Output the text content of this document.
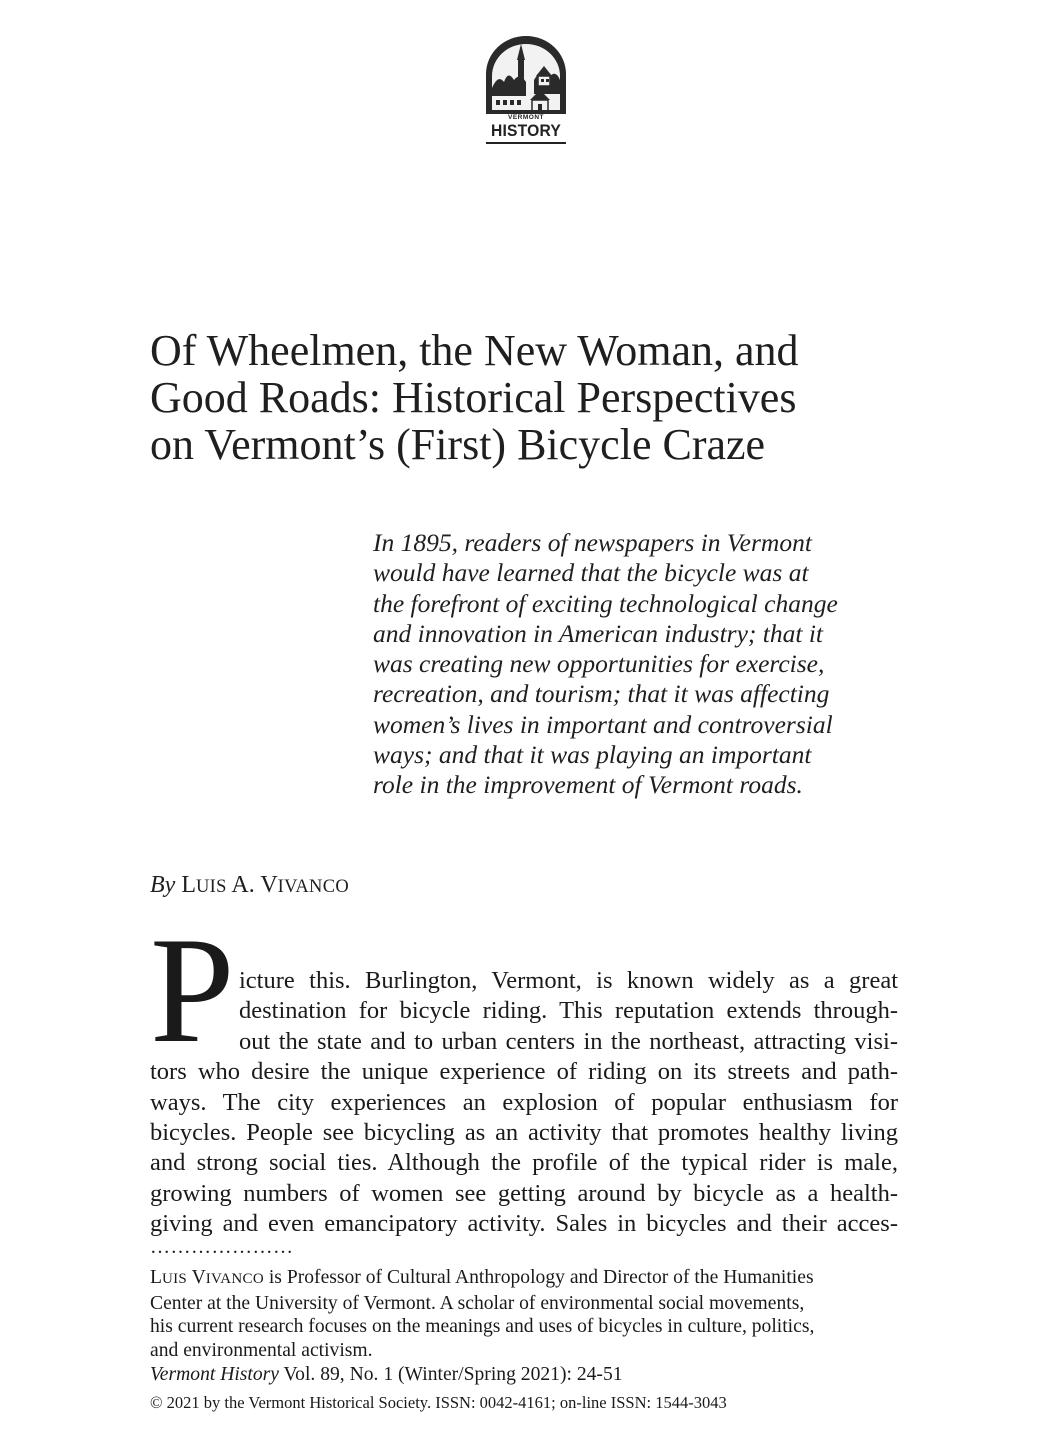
VERMONT
HISTORY
Of Wheelmen, the New Woman, and
Good Roads: Historical Perspectives
on Vermont’s (First) Bicycle Craze
In 1895, readers of newspapers in Vermont
would have learned that the bicycle was at
the forefront of exciting technological change
and innovation in American industry; that it
was creating new opportunities for exercise,
recreation, and tourism; that it was affecting
women’s lives in important and controversial
ways; and that it was playing an important
role in the improvement of Vermont roads.
By LUIS A. VIVANCO
P icture this. Burlington, Vermont, is known widely as a great
destination for bicycle riding. This reputation extends through-
out the state and to urban centers in the northeast, attracting visi-
tors who desire the unique experience of riding on its streets and path-
ways. The city experiences an explosion of popular enthusiasm for
bicycles. People see bicycling as an activity that promotes healthy living
and strong social ties. Although the profile of the typical rider is male,
growing numbers of women see getting around by bicycle as a health-
giving and even emancipatory activity. Sales in bicycles and their acces-
…………………
LUIS VIVANCO is Professor of Cultural Anthropology and Director of the Humanities
Center at the University of Vermont. A scholar of environmental social movements,
his current research focuses on the meanings and uses of bicycles in culture, politics,
and environmental activism.
Vermont History Vol. 89, No. 1 (Winter/Spring 2021): 24-51
© 2021 by the Vermont Historical Society. ISSN: 0042-4161; on-line ISSN: 1544-3043
